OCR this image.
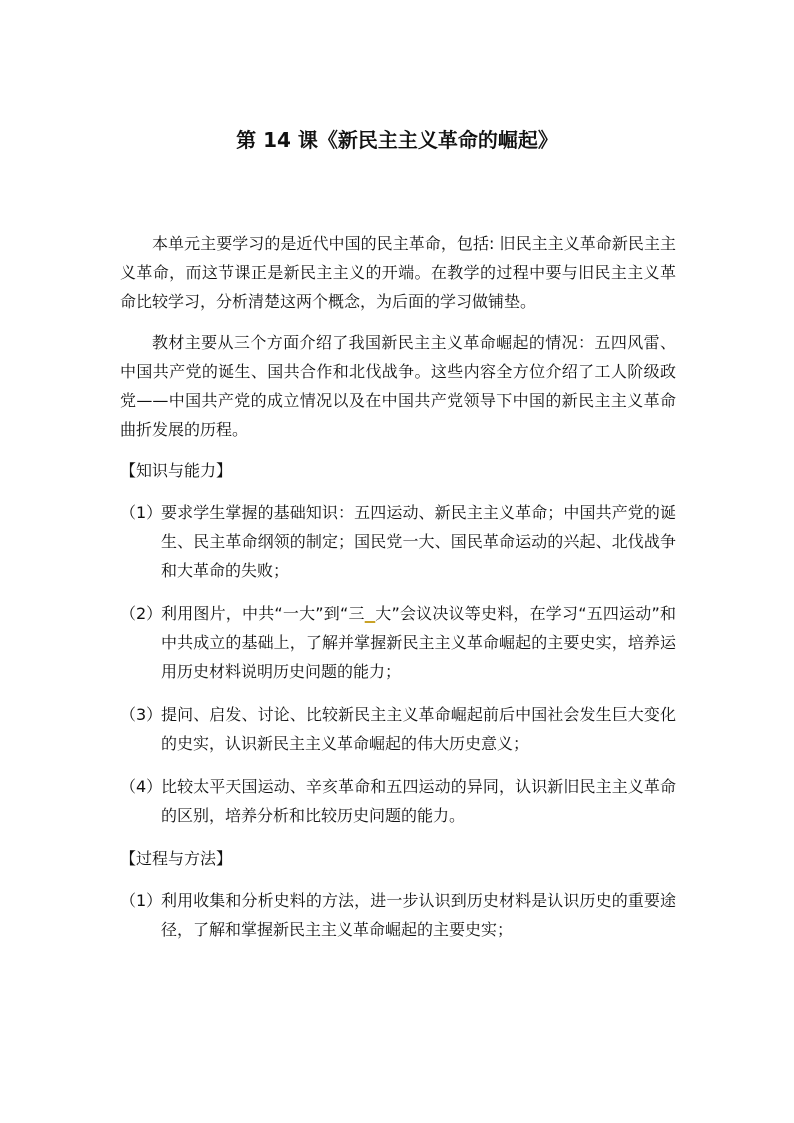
第 14 课《新民主主义革命的崛起》

本单元主要学习的是近代中国的民主革命，包括: 旧民主主义革命新民主主义革命，而这节课正是新民主主义的开端。在教学的过程中要与旧民主主义革命比较学习，分析清楚这两个概念，为后面的学习做铺垫。

教材主要从三个方面介绍了我国新民主主义革命崛起的情况：五四风雷、中国共产党的诞生、国共合作和北伐战争。这些内容全方位介绍了工人阶级政党——中国共产党的成立情况以及在中国共产党领导下中国的新民主主义革命曲折发展的历程。

【知识与能力】
（1）
要求学生掌握的基础知识：五四运动、新民主主义革命；中国共产党的诞生、民主革命纲领的制定；国民党一大、国民革命运动的兴起、北伐战争和大革命的失败；
（2）
利用图片，中共“一大”到“三 大”会议决议等史料，在学习“五四运动”和中共成立的基础上，了解并掌握新民主主义革命崛起的主要史实，培养运用历史材料说明历史问题的能力；
（3）
提问、启发、讨论、比较新民主主义革命崛起前后中国社会发生巨大变化的史实，认识新民主主义革命崛起的伟大历史意义；
（4）
比较太平天国运动、辛亥革命和五四运动的异同，认识新旧民主主义革命的区别，培养分析和比较历史问题的能力。
【过程与方法】
（1）
利用收集和分析史料的方法，进一步认识到历史材料是认识历史的重要途径，了解和掌握新民主主义革命崛起的主要史实；
